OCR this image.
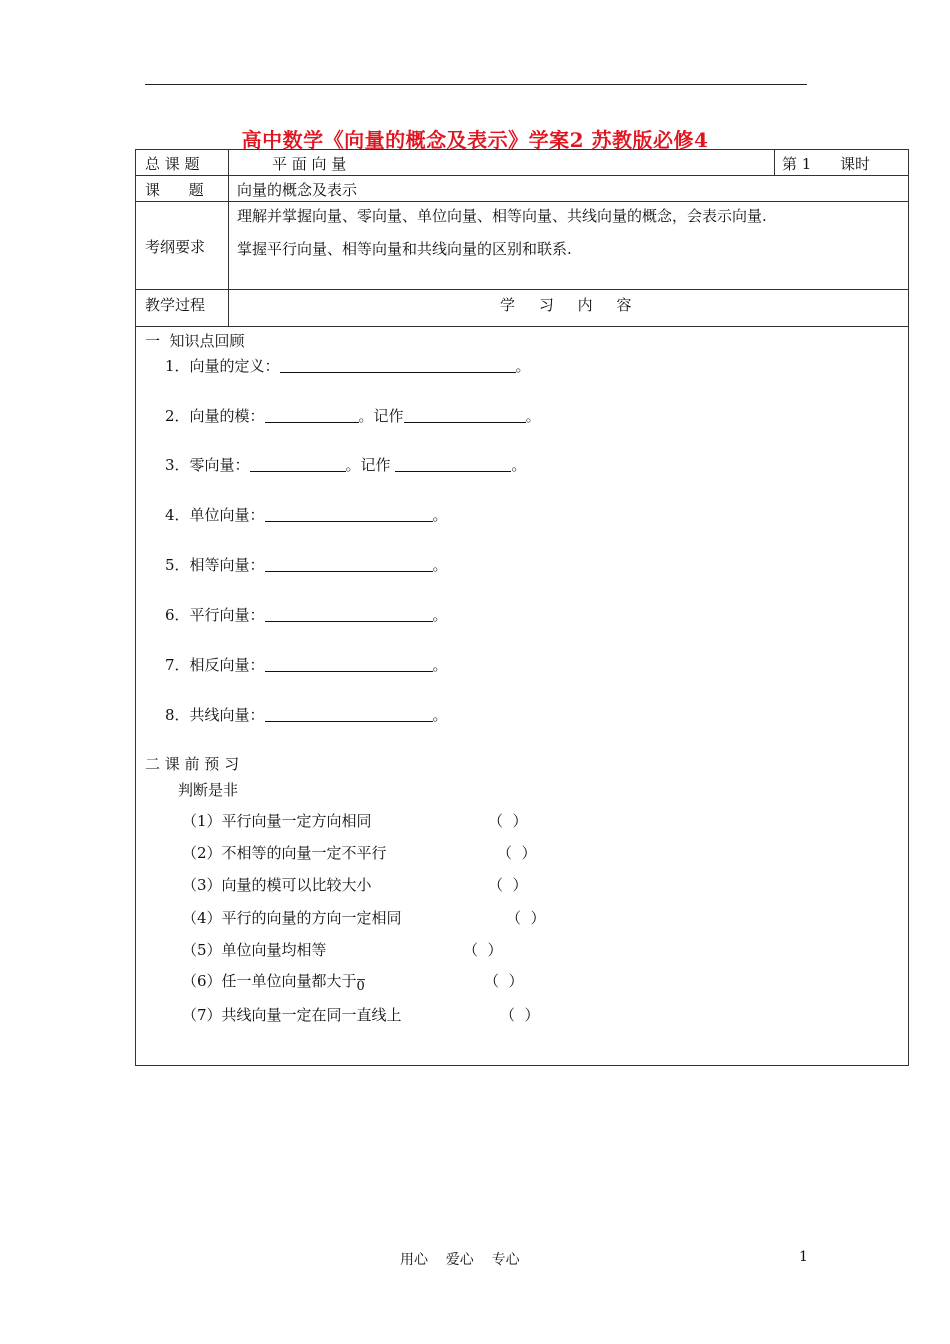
高中数学《向量的概念及表示》学案2 苏教版必修4
总 课 题	平 面 向 量	第 1 课时
课      题 向量的概念及表示
考纲要求
理解并掌握向量、零向量、单位向量、相等向量、共线向量的概念，会表示向量.
掌握平行向量、相等向量和共线向量的区别和联系.
教学过程	学     习     内     容
一  知识点回顾
1．向量的定义：	。
2．向量的模：	。记作	。
3．零向量：	。记作	。
4．单位向量：	。
5．相等向量：	。
6．平行向量：	。
7．相反向量：	。
8．共线向量：	。
二 课 前 预 习
判断是非
（1）平行向量一定方向相同	（  ）
（2）不相等的向量一定不平行	（  ）
（3）向量的模可以比较大小	（  ）
（4）平行的向量的方向一定相同	（  ）
（5）单位向量均相等	（  ）
（6）任一单位向量都大于0	（  ）
（7）共线向量一定在同一直线上	（  ）
用心    爱心    专心	1
